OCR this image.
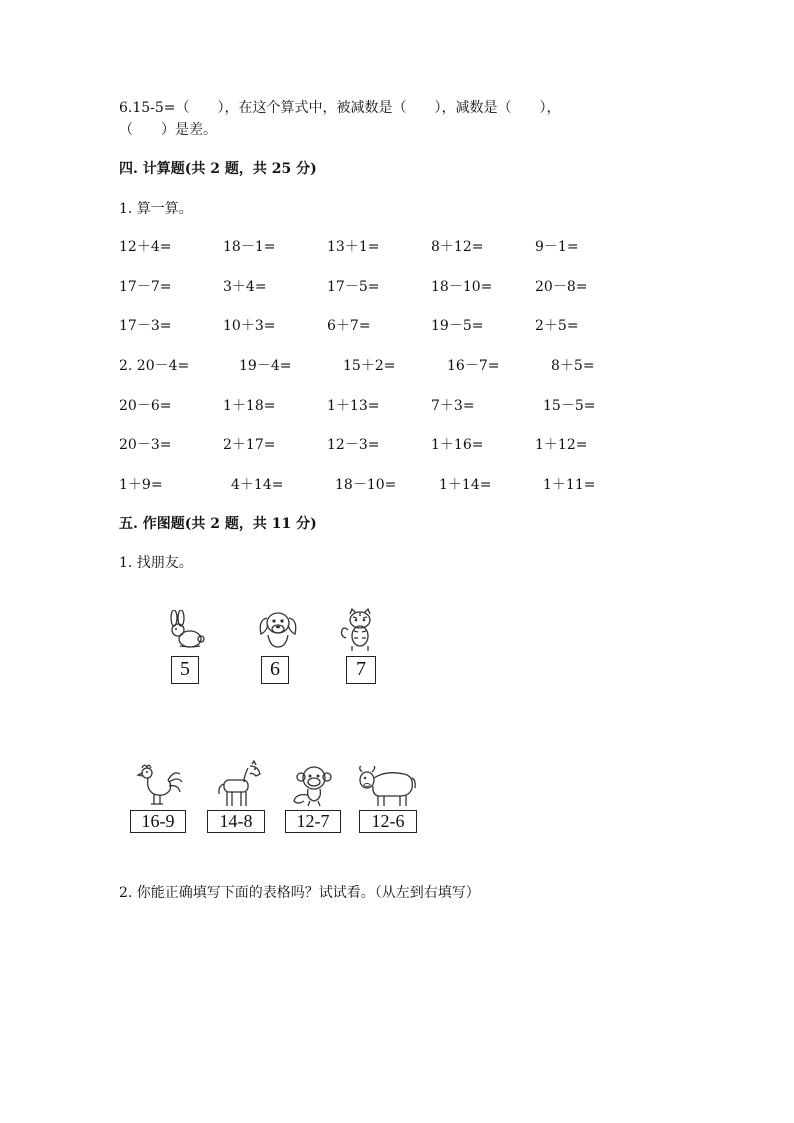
6.15-5=（　　），在这个算式中，被减数是（　　），减数是（　　），
（　　）是差。
四. 计算题(共 2 题，共 25 分)
1. 算一算。
12＋4=	18－1=	13＋1=	8＋12=	9－1=
17－7=	3＋4=	17－5=	18－10=	20－8=
17－3=	10＋3=	6＋7=	19－5=	2＋5=
2. 20－4=	19－4=	15＋2=	16－7=	8＋5=
20－6=	1＋18=	1＋13=	7＋3=	15－5=
20－3=	2＋17=	12－3=	1＋16=	1＋12=
1＋9=	4＋14=	18－10=	1＋14=	1＋11=
五. 作图题(共 2 题，共 11 分)
1. 找朋友。
5	6	7
16-9	14-8	12-7	12-6
2. 你能正确填写下面的表格吗？试试看。（从左到右填写）
